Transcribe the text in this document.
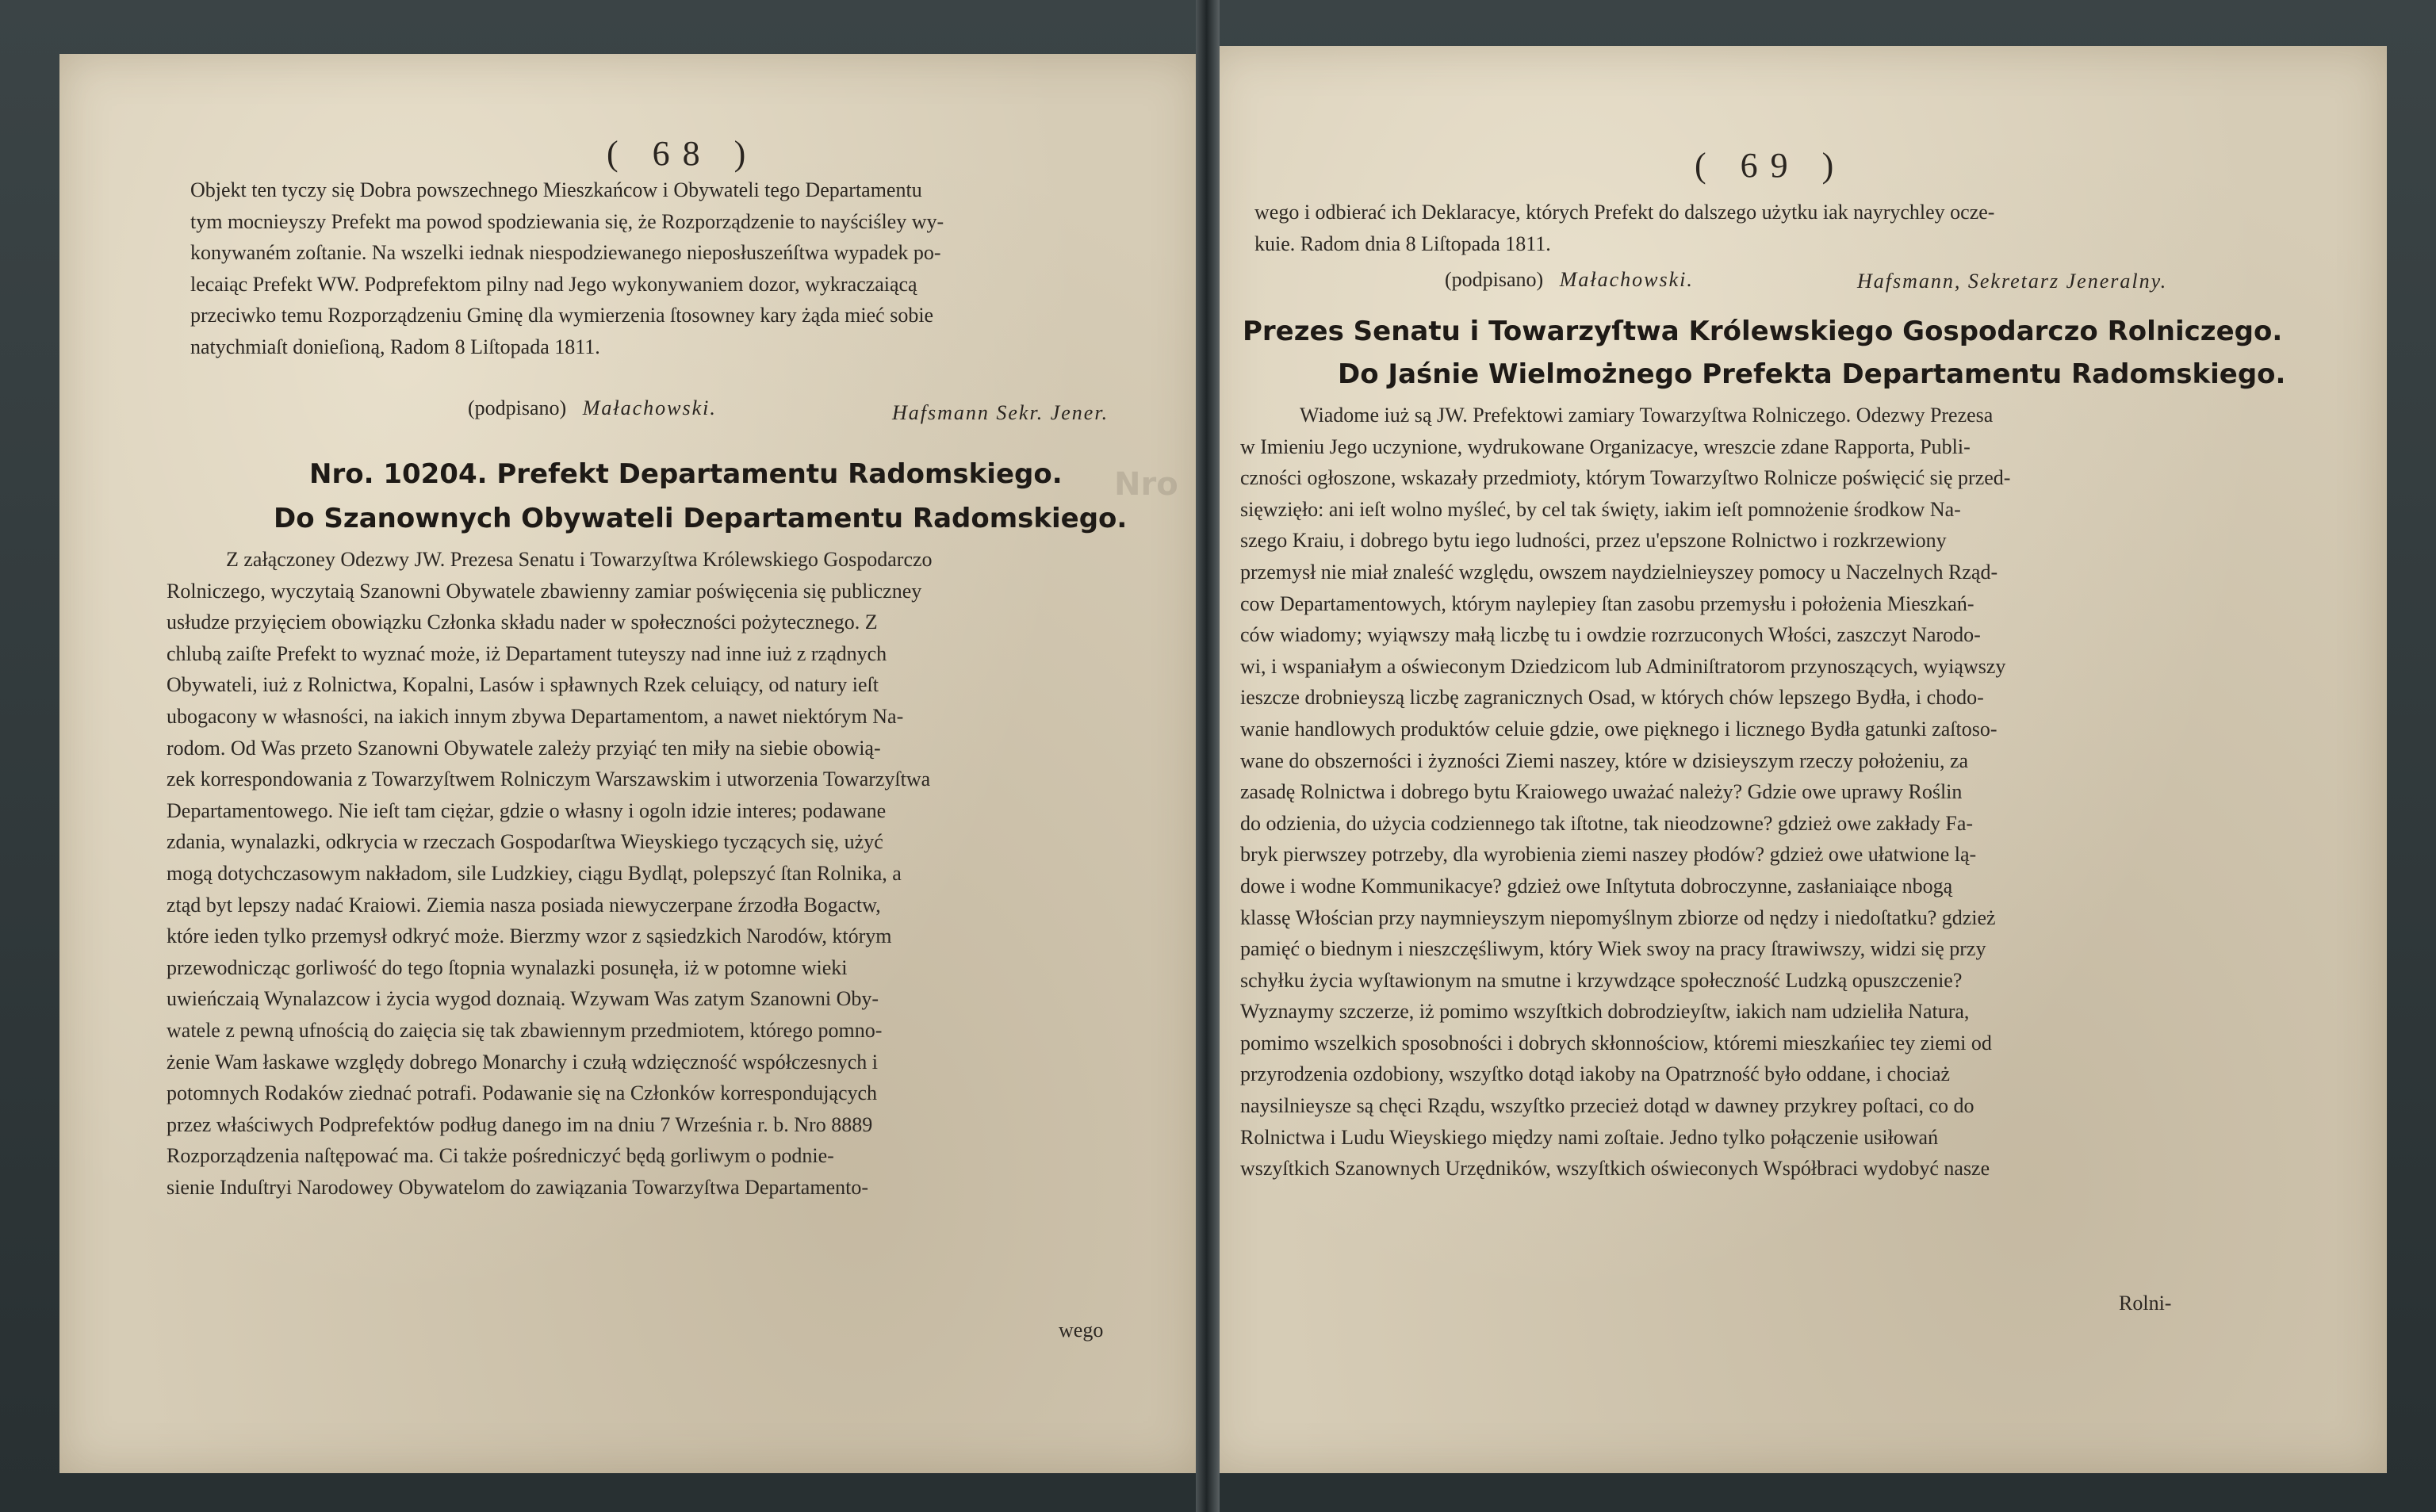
( 68 )
Objekt ten tyczy się Dobra powszechnego Mieszkańcow i Obywateli tego Departamentu
tym mocnieyszy Prefekt ma powod spodziewania się, że Rozporządzenie to nayściśley wy-
konywaném zoſtanie. Na wszelki iednak niespodziewanego nieposłuszeńſtwa wypadek po-
lecaiąc Prefekt WW. Podprefektom pilny nad Jego wykonywaniem dozor, wykraczaiącą
przeciwko temu Rozporządzeniu Gminę dla wymierzenia ſtosowney kary żąda mieć sobie
natychmiaſt donieſioną, Radom 8 Liſtopada 1811.
(podpisano) Małachowski.	Hafsmann Sekr. Jener.
Nro
Nro. 10204. Prefekt Departamentu Radomskiego.
Do Szanownych Obywateli Departamentu Radomskiego.
Z załączoney Odezwy JW. Prezesa Senatu i Towarzyſtwa Królewskiego Gospodarczo
Rolniczego, wyczytaią Szanowni Obywatele zbawienny zamiar poświęcenia się publiczney
usłudze przyięciem obowiązku Członka składu nader w społeczności pożytecznego. Z
chlubą zaiſte Prefekt to wyznać może, iż Departament tuteyszy nad inne iuż z rządnych
Obywateli, iuż z Rolnictwa, Kopalni, Lasów i spławnych Rzek celuiący, od natury ieſt
ubogacony w własności, na iakich innym zbywa Departamentom, a nawet niektórym Na-
rodom. Od Was przeto Szanowni Obywatele zależy przyiąć ten miły na siebie obowią-
zek korrespondowania z Towarzyſtwem Rolniczym Warszawskim i utworzenia Towarzyſtwa
Departamentowego. Nie ieſt tam ciężar, gdzie o własny i ogoln idzie interes; podawane
zdania, wynalazki, odkrycia w rzeczach Gospodarſtwa Wieyskiego tyczących się, użyć
mogą dotychczasowym nakładom, sile Ludzkiey, ciągu Bydląt, polepszyć ſtan Rolnika, a
ztąd byt lepszy nadać Kraiowi. Ziemia nasza posiada niewyczerpane źrzodła Bogactw,
które ieden tylko przemysł odkryć może. Bierzmy wzor z sąsiedzkich Narodów, którym
przewodnicząc gorliwość do tego ſtopnia wynalazki posunęła, iż w potomne wieki
uwieńczaią Wynalazcow i życia wygod doznaią. Wzywam Was zatym Szanowni Oby-
watele z pewną ufnością do zaięcia się tak zbawiennym przedmiotem, którego pomno-
żenie Wam łaskawe względy dobrego Monarchy i czułą wdzięczność współczesnych i
potomnych Rodaków ziednać potrafi. Podawanie się na Członków korrespondujących
przez właściwych Podprefektów podług danego im na dniu 7 Września r. b. Nro 8889
Rozporządzenia naſtępować ma. Ci także pośredniczyć będą gorliwym o podnie-
sienie Induſtryi Narodowey Obywatelom do zawiązania Towarzyſtwa Departamento-
wego
( 69 )
wego i odbierać ich Deklaracye, których Prefekt do dalszego użytku iak nayrychley ocze-
kuie. Radom dnia 8 Liſtopada 1811.
(podpisano) Małachowski.	Hafsmann, Sekretarz Jeneralny.
Prezes Senatu i Towarzyſtwa Królewskiego Gospodarczo Rolniczego.
Do Jaśnie Wielmożnego Prefekta Departamentu Radomskiego.
Wiadome iuż są JW. Prefektowi zamiary Towarzyſtwa Rolniczego. Odezwy Prezesa
w Imieniu Jego uczynione, wydrukowane Organizacye, wreszcie zdane Rapporta, Publi-
czności ogłoszone, wskazały przedmioty, którym Towarzyſtwo Rolnicze poświęcić się przed-
sięwzięło: ani ieſt wolno myśleć, by cel tak święty, iakim ieſt pomnożenie środkow Na-
szego Kraiu, i dobrego bytu iego ludności, przez u'epszone Rolnictwo i rozkrzewiony
przemysł nie miał znaleść względu, owszem naydzielnieyszey pomocy u Naczelnych Rząd-
cow Departamentowych, którym naylepiey ſtan zasobu przemysłu i położenia Mieszkań-
ców wiadomy; wyiąwszy małą liczbę tu i owdzie rozrzuconych Włości, zaszczyt Narodo-
wi, i wspaniałym a oświeconym Dziedzicom lub Adminiſtratorom przynoszących, wyiąwszy
ieszcze drobnieyszą liczbę zagranicznych Osad, w których chów lepszego Bydła, i chodo-
wanie handlowych produktów celuie gdzie, owe pięknego i licznego Bydła gatunki zaſtoso-
wane do obszerności i żyzności Ziemi naszey, które w dzisieyszym rzeczy położeniu, za
zasadę Rolnictwa i dobrego bytu Kraiowego uważać należy? Gdzie owe uprawy Roślin
do odzienia, do użycia codziennego tak iſtotne, tak nieodzowne? gdzież owe zakłady Fa-
bryk pierwszey potrzeby, dla wyrobienia ziemi naszey płodów? gdzież owe ułatwione lą-
dowe i wodne Kommunikacye? gdzież owe Inſtytuta dobroczynne, zasłaniaiące nbogą
klassę Włościan przy naymnieyszym niepomyślnym zbiorze od nędzy i niedoſtatku? gdzież
pamięć o biednym i nieszczęśliwym, który Wiek swoy na pracy ſtrawiwszy, widzi się przy
schyłku życia wyſtawionym na smutne i krzywdzące społeczność Ludzką opuszczenie?
Wyznaymy szczerze, iż pomimo wszyſtkich dobrodzieyſtw, iakich nam udzieliła Natura,
pomimo wszelkich sposobności i dobrych skłonnościow, któremi mieszkańiec tey ziemi od
przyrodzenia ozdobiony, wszyſtko dotąd iakoby na Opatrzność było oddane, i chociaż
naysilnieysze są chęci Rządu, wszyſtko przecież dotąd w dawney przykrey poſtaci, co do
Rolnictwa i Ludu Wieyskiego między nami zoſtaie. Jedno tylko połączenie usiłowań
wszyſtkich Szanownych Urzędników, wszyſtkich oświeconych Współbraci wydobyć nasze
Rolni-
